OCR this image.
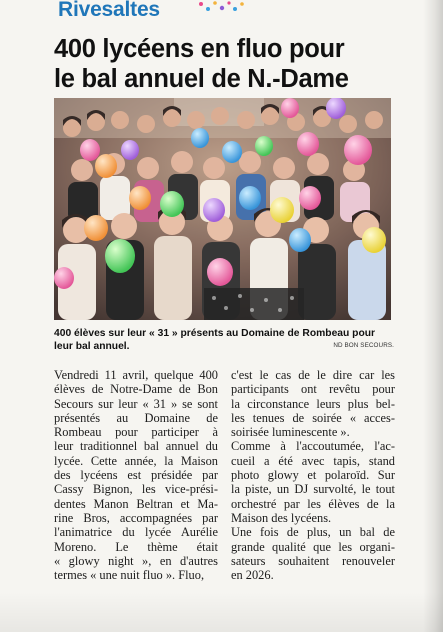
Rivesaltes
400 lycéens en fluo pour
le bal annuel de N.-Dame
400 élèves sur leur « 31 » présents au Domaine de Rombeau pour
leur bal annuel.	ND BON SECOURS.
Vendredi 11 avril, quelque 400
élèves de Notre-Dame de Bon
Secours sur leur « 31 » se sont
présentés au Domaine de
Rombeau pour participer à
leur traditionnel bal annuel du
lycée. Cette année, la Maison
des lycéens est présidée par
Cassy Bignon, les vice-prési-
dentes Manon Beltran et Ma-
rine Bros, accompagnées par
l'animatrice du lycée Aurélie
Moreno. Le thème était
« glowy night », en d'autres
termes « une nuit fluo ». Fluo,
c'est le cas de le dire car les
participants ont revêtu pour
la circonstance leurs plus bel-
les tenues de soirée « acces-
soirisée luminescente ».
Comme à l'accoutumée, l'ac-
cueil a été avec tapis, stand
photo glowy et polaroïd. Sur
la piste, un DJ survolté, le tout
orchestré par les élèves de la
Maison des lycéens.
Une fois de plus, un bal de
grande qualité que les organi-
sateurs souhaitent renouveler
en 2026.
